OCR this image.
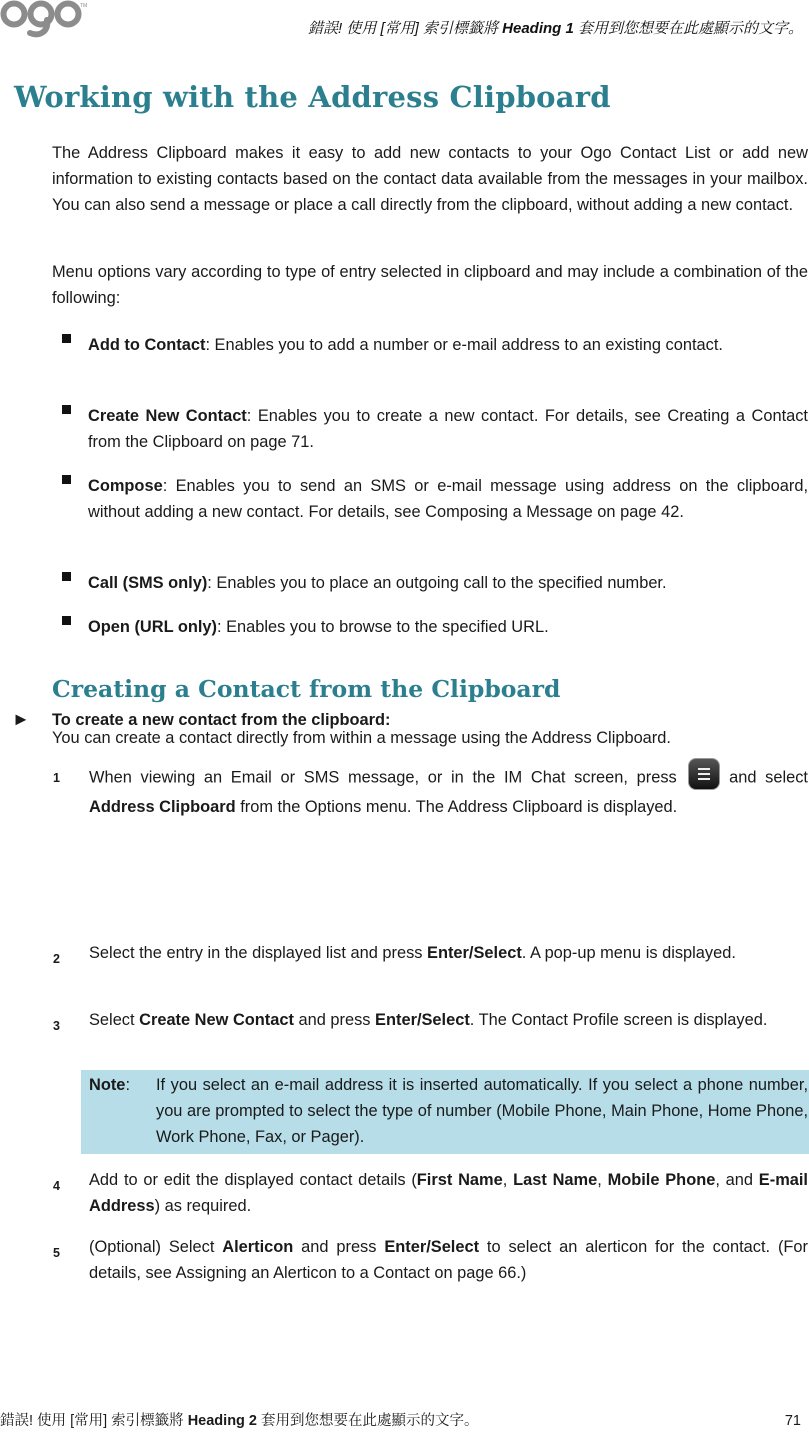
TM
錯誤! 使用 [常用] 索引標籤將 Heading 1 套用到您想要在此處顯示的文字。
Working with the Address Clipboard
The Address Clipboard makes it easy to add new contacts to your Ogo Contact List or add new information to existing contacts based on the contact data available from the messages in your mailbox. You can also send a message or place a call directly from the clipboard, without adding a new contact.
Menu options vary according to type of entry selected in clipboard and may include a combination of the following:
Add to Contact: Enables you to add a number or e-mail address to an existing contact.
Create New Contact: Enables you to create a new contact. For details, see Creating a Contact from the Clipboard on page 71.
Compose: Enables you to send an SMS or e-mail message using address on the clipboard, without adding a new contact. For details, see Composing a Message on page 42.
Call (SMS only): Enables you to place an outgoing call to the specified number.
Open (URL only): Enables you to browse to the specified URL.
Creating a Contact from the Clipboard
You can create a contact directly from within a message using the Address Clipboard.
► To create a new contact from the clipboard:
1 When viewing an Email or SMS message, or in the IM Chat screen, press
and select Address Clipboard from the Options menu. The Address Clipboard is displayed.
2 Select the entry in the displayed list and press Enter/Select. A pop-up menu is displayed.
3 Select Create New Contact and press Enter/Select. The Contact Profile screen is displayed.
Note: If you select an e-mail address it is inserted automatically. If you select a phone number, you are prompted to select the type of number (Mobile Phone, Main Phone, Home Phone, Work Phone, Fax, or Pager).
4 Add to or edit the displayed contact details (First Name, Last Name, Mobile Phone, and E-mail Address) as required.
5 (Optional) Select Alerticon and press Enter/Select to select an alerticon for the contact. (For details, see Assigning an Alerticon to a Contact on page 66.)
錯誤! 使用 [常用] 索引標籤將 Heading 2 套用到您想要在此處顯示的文字。	71
